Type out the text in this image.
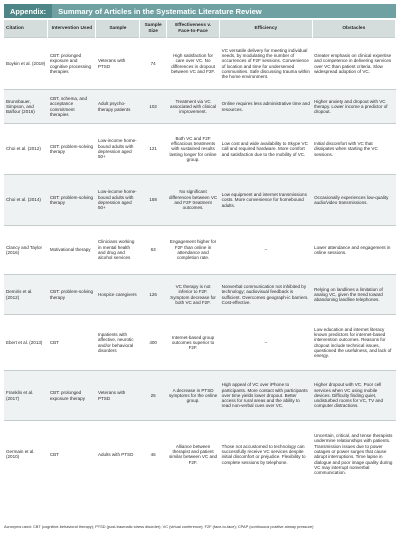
Appendix:	Summary of Articles in the Systematic Literature Review
Citation	Intervention Used	Sample	Sample Size	Effectiveness v. Face-to-Face	Efficiency	Obstacles
Boykin et al. (2019)	CBT: prolonged exposure and cognitive processing therapies	Veterans with PTSD	74	High satisfaction for care over VC. No differences in dropout between VC and F2F.	VC versatile delivery for meeting individual needs, by modulating the number of occurrences of F2F sessions. Convenience of location and time for underserved communities. Safe discussing trauma within the home environment.	Greater emphasis on clinical expertise and competence in delivering services over VC than patient criteria. Slow widespread adoption of VC.
Brunnbauer, Simpson, and Balfour (2016)	CBT, schema, and acceptance commitment therapies	Adult psycho-therapy patients	102	Treatment via VC associated with clinical improvement.	Online requires less administrative time and resources.	Higher anxiety and dropout with VC therapy. Lower income a predictor of dropout.
Choi et al. (2012)	CBT: problem-solving therapy	Low-income home-bound adults with depression aged 50+	121	Both VC and F2F efficacious treatments with sustained results lasting longer for online group.	Low cost and wide availability to Skype VC call and required hardware. More comfort and satisfaction due to the mobility of VC.	Initial discomfort with VC that dissipates when starting the VC sessions.
Choi et al. (2014)	CBT: problem-solving therapy	Low-income home-bound adults with depression aged 50+	158	No significant differences between VC and F2F treatment outcomes.	Low equipment and internet transmissions costs. More convenience for homebound adults.	Occasionally experiences low-quality audio/video transmissions.
Clancy and Taylor (2016)	Motivational therapy	Clinicians working in mental health and drug and alcohol services	63	Engagement higher for F2F than online in attendance and completion rate.	–	Lower attendance and engagement in online sessions.
Demiris et al. (2012)	CBT: problem-solving therapy	Hospice caregivers	126	VC therapy is not inferior to F2F. Symptom decrease for both VC and F2F.	Nonverbal communication not inhibited by technology; audiovisual feedback is sufficient. Overcomes geograph-ic barriers. Cost-effective.	Relying on landlines a limitation of analog VC, given the trend toward abandoning landline telephones.
Ebert et al. (2013)	CBT	Inpatients with affective, neurotic and/or behavioral disorders	400	Internet-based group outcomes superior to F2F.	–	Low education and internet literacy known predictors for internet-based intervention outcomes. Reasons for dropout include technical issues, questioned the usefulness, and lack of energy.
Franklin et al. (2017)	CBT: prolonged exposure therapy	Veterans with PTSD	25	A decrease in PTSD symptoms for the online group.	High appeal of VC over iPhone to participants. More contact with participants over time yields lower dropout. Better access for rural areas and the ability to read non-verbal cues over VC.	Higher dropout with VC. Poor cell services when VC using mobile devices. Difficulty finding quiet, undisturbed rooms for VC, TV and computer distractions.
Germain et al. (2010)	CBT	Adults with PTSD	46	Alliance between therapist and patient similar between VC and F2F.	Those not accustomed to technology can successfully receive VC services despite initial discomfort or prejudice. Flexibility to complete sessions by telephone.	Uncertain, critical, and tense therapists undermine relationships with patients. Transmission issues due to power outages or power surges that cause abrupt interruptions. Time lapse in dialogue and poor image quality during VC may interrupt nonverbal communication.
Acronyms used: CBT (cognitive-behavioral therapy); PTSD (post-traumatic stress disorder); VC (virtual conference); F2F (face-to-face); CPAP (continuous positive airway pressure)
